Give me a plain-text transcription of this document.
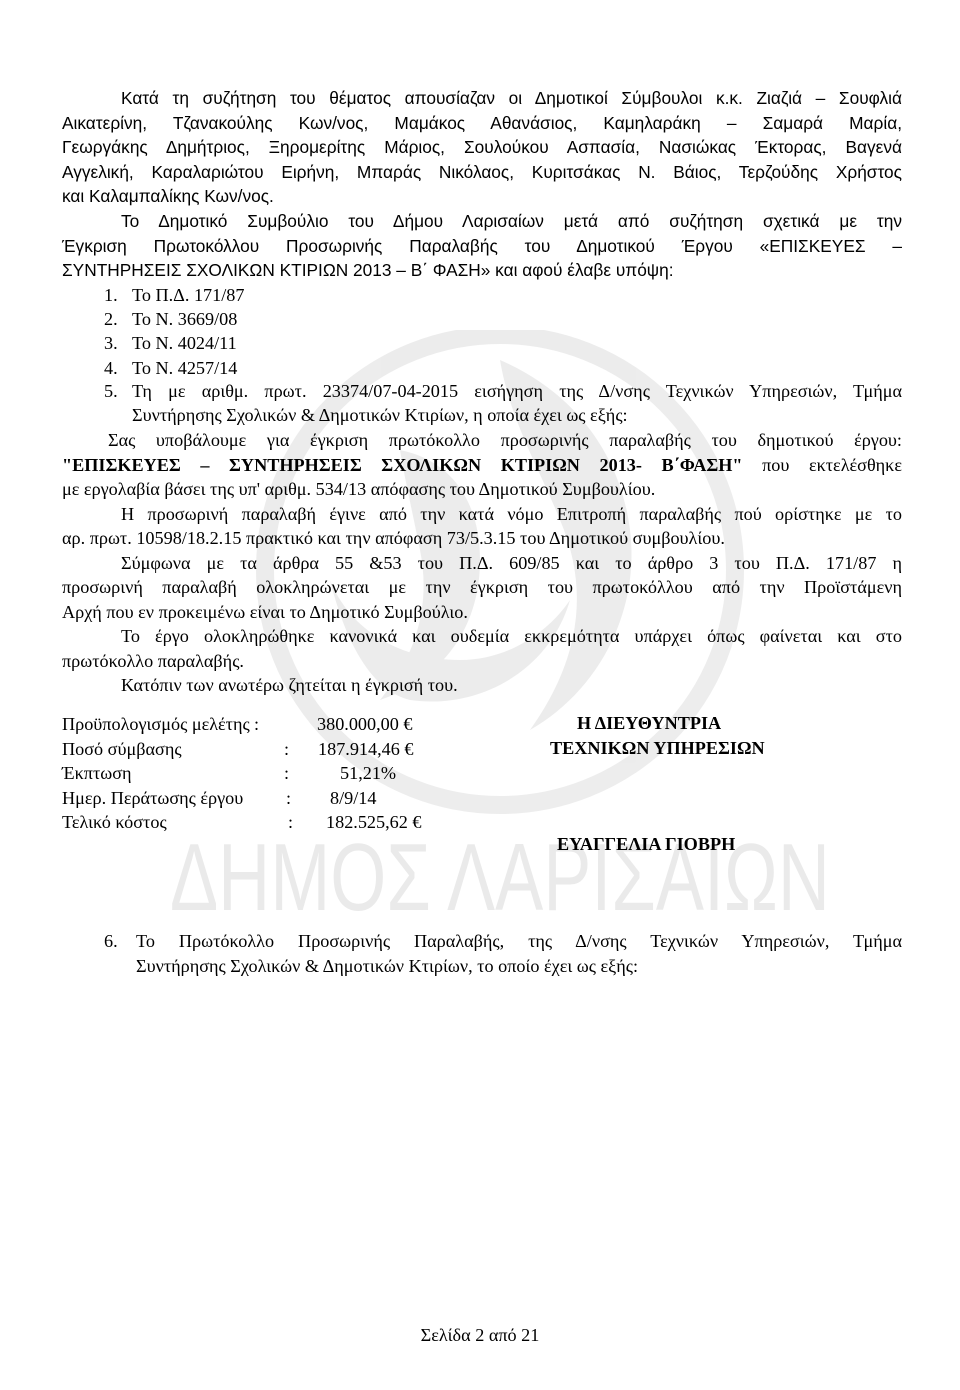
ΔΗΜΟΣ ΛΑΡΙΣΑΙΩΝ
Κατά τη συζήτηση του θέματος απουσίαζαν οι Δημοτικοί Σύμβουλοι κ.κ. Ζιαζιά – Σουφλιά
Αικατερίνη, Τζανακούλης Κων/νος, Μαμάκος Αθανάσιος, Καμηλαράκη – Σαμαρά Μαρία,
Γεωργάκης Δημήτριος, Ξηρομερίτης Μάριος, Σουλούκου Ασπασία, Νασιώκας Έκτορας, Βαγενά
Αγγελική, Καραλαριώτου Ειρήνη, Μπαράς Νικόλαος, Κυριτσάκας Ν. Βάιος, Τερζούδης Χρήστος
και Καλαμπαλίκης Κων/νος.
Το Δημοτικό Συμβούλιο του Δήμου Λαρισαίων μετά από συζήτηση σχετικά με την
Έγκριση Πρωτοκόλλου Προσωρινής Παραλαβής του Δημοτικού Έργου «ΕΠΙΣΚΕΥΕΣ –
ΣΥΝΤΗΡΗΣΕΙΣ ΣΧΟΛΙΚΩΝ ΚΤΙΡΙΩΝ 2013 – Β΄ ΦΑΣΗ» και αφού έλαβε υπόψη:
1. Το Π.Δ. 171/87
2. Το Ν. 3669/08
3. Το Ν. 4024/11
4. Το Ν. 4257/14
5. Τη με αριθμ. πρωτ. 23374/07-04-2015 εισήγηση της Δ/νσης Τεχνικών Υπηρεσιών, Τμήμα
Συντήρησης Σχολικών & Δημοτικών Κτιρίων, η οποία έχει ως εξής:
Σας υποβάλουμε για έγκριση πρωτόκολλο προσωρινής παραλαβής του δημοτικού έργου:
"ΕΠΙΣΚΕΥΕΣ – ΣΥΝΤΗΡΗΣΕΙΣ ΣΧΟΛΙΚΩΝ ΚΤΙΡΙΩΝ 2013- Β΄ΦΑΣΗ" που εκτελέσθηκε
με εργολαβία βάσει της υπ' αριθμ. 534/13 απόφασης του Δημοτικού Συμβουλίου.
Η προσωρινή παραλαβή έγινε από την κατά νόμο Επιτροπή παραλαβής πού ορίστηκε με το
αρ. πρωτ. 10598/18.2.15 πρακτικό και την απόφαση 73/5.3.15 του Δημοτικού συμβουλίου.
Σύμφωνα με τα άρθρα 55 &53 του Π.Δ. 609/85 και το άρθρο 3 του Π.Δ. 171/87 η
προσωρινή παραλαβή ολοκληρώνεται με την έγκριση του πρωτοκόλλου από την Προϊστάμενη
Αρχή που εν προκειμένω είναι το Δημοτικό Συμβούλιο.
Το έργο ολοκληρώθηκε κανονικά και ουδεμία εκκρεμότητα υπάρχει όπως φαίνεται και στο
πρωτόκολλο παραλαβής.
Κατόπιν των ανωτέρω ζητείται η έγκρισή του.
Προϋπολογισμός μελέτης :	380.000,00 €
Ποσό σύμβασης	: 187.914,46 €
Έκπτωση	:	51,21%
Ημερ. Περάτωσης έργου : 8/9/14
Τελικό κόστος	: 182.525,62 €
Η ΔΙΕΥΘΥΝΤΡΙΑ
ΤΕΧΝΙΚΩΝ ΥΠΗΡΕΣΙΩΝ
ΕΥΑΓΓΕΛΙΑ ΓΙΟΒΡΗ
6. Το Πρωτόκολλο Προσωρινής Παραλαβής, της Δ/νσης Τεχνικών Υπηρεσιών, Τμήμα
Συντήρησης Σχολικών & Δημοτικών Κτιρίων, το οποίο έχει ως εξής:
Σελίδα 2 από 21
